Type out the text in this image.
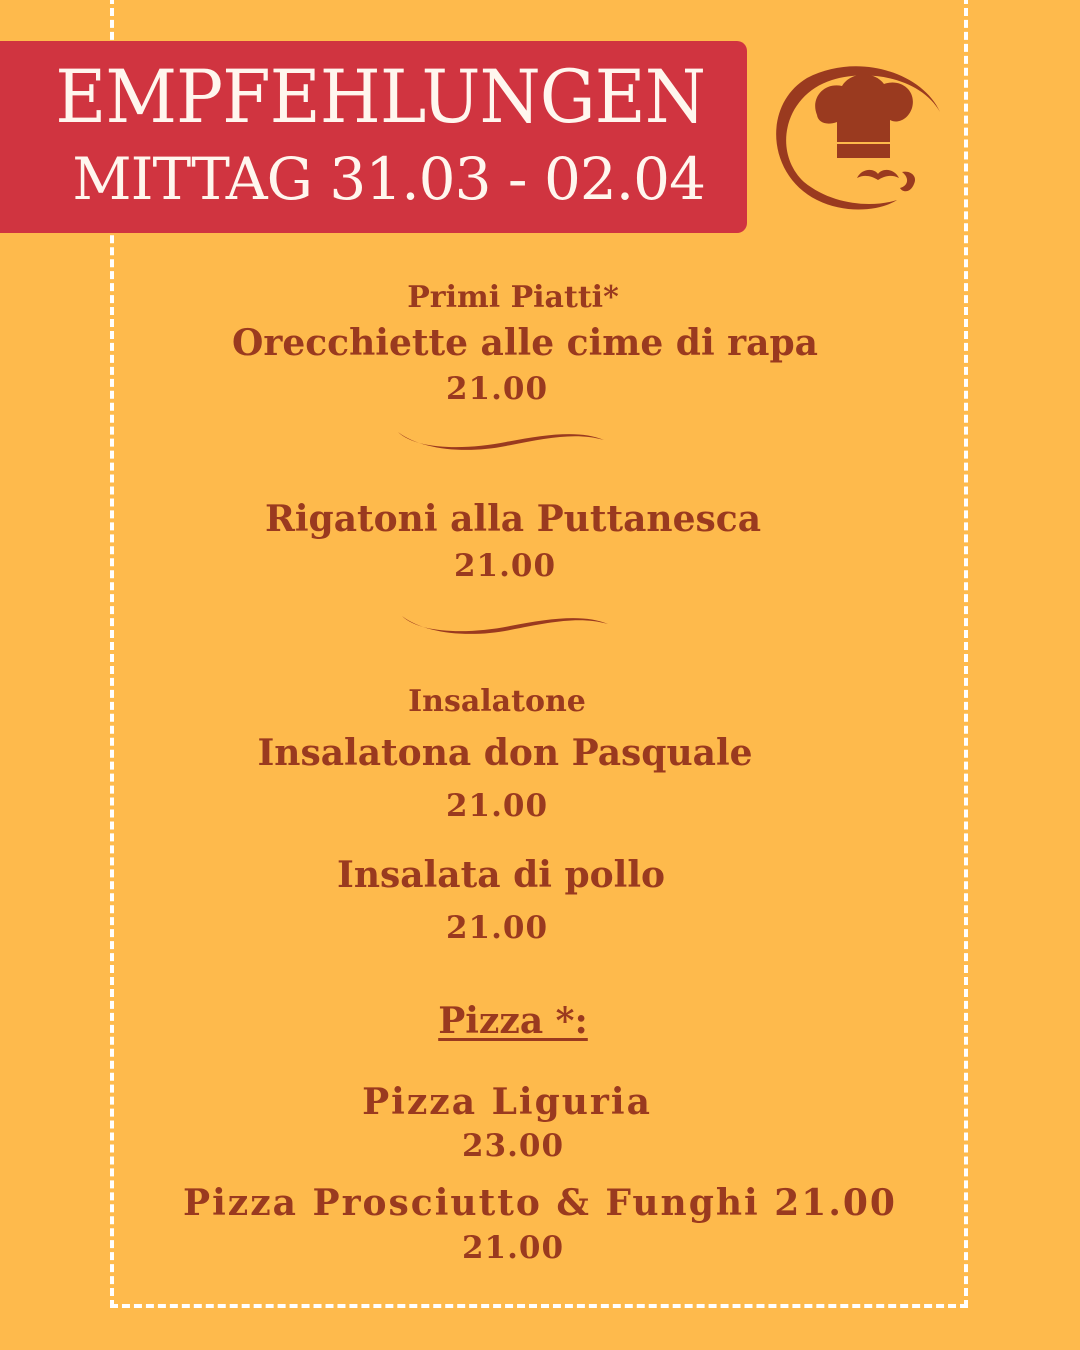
EMPFEHLUNGEN
MITTAG 31.03 - 02.04
Primi Piatti*
Orecchiette alle cime di rapa
21.00
Rigatoni alla Puttanesca
21.00
Insalatone
Insalatona don Pasquale
21.00
Insalata di pollo
21.00
Pizza *:
Pizza Liguria
23.00
Pizza Prosciutto & Funghi 21.00
21.00
